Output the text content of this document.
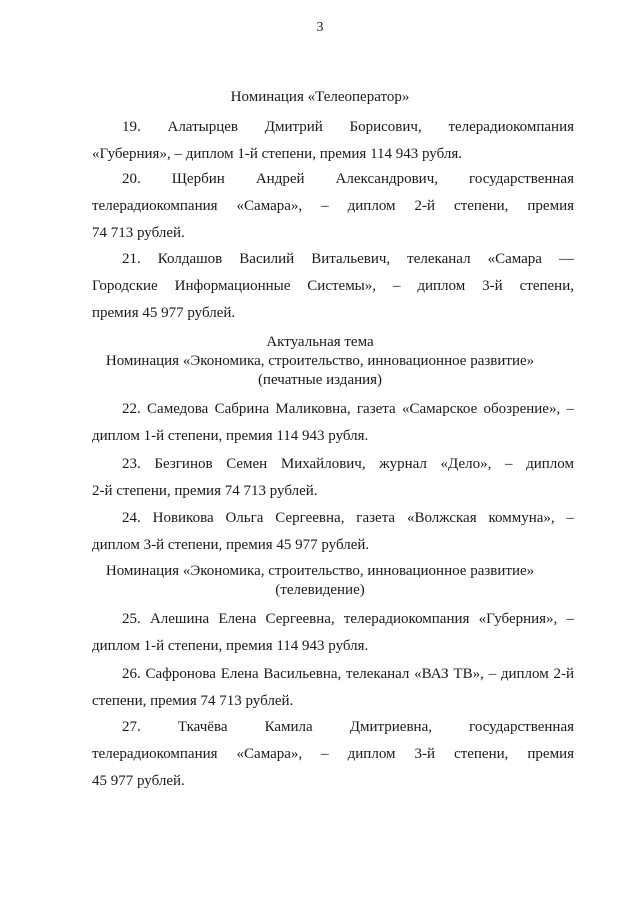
3
Номинация «Телеоператор»
19. Алатырцев Дмитрий Борисович, телерадиокомпания
«Губерния», – диплом 1-й степени, премия 114 943 рубля.
20. Щербин Андрей Александрович, государственная
телерадиокомпания «Самара», – диплом 2-й степени, премия
74 713 рублей.
21. Колдашов Василий Витальевич, телеканал «Самара —
Городские Информационные Системы», – диплом 3-й степени,
премия 45 977 рублей.
Актуальная тема
Номинация «Экономика, строительство, инновационное развитие»
(печатные издания)
22. Самедова Сабрина Маликовна, газета «Самарское обозрение», –
диплом 1-й степени, премия 114 943 рубля.
23. Безгинов Семен Михайлович, журнал «Дело», – диплом
2-й степени, премия 74 713 рублей.
24. Новикова Ольга Сергеевна, газета «Волжская коммуна», –
диплом 3-й степени, премия 45 977 рублей.
Номинация «Экономика, строительство, инновационное развитие»
(телевидение)
25. Алешина Елена Сергеевна, телерадиокомпания «Губерния», –
диплом 1-й степени, премия 114 943 рубля.
26. Сафронова Елена Васильевна, телеканал «ВАЗ ТВ», – диплом 2-й
степени, премия 74 713 рублей.
27. Ткачёва Камила Дмитриевна, государственная
телерадиокомпания «Самара», – диплом 3-й степени, премия
45 977 рублей.
